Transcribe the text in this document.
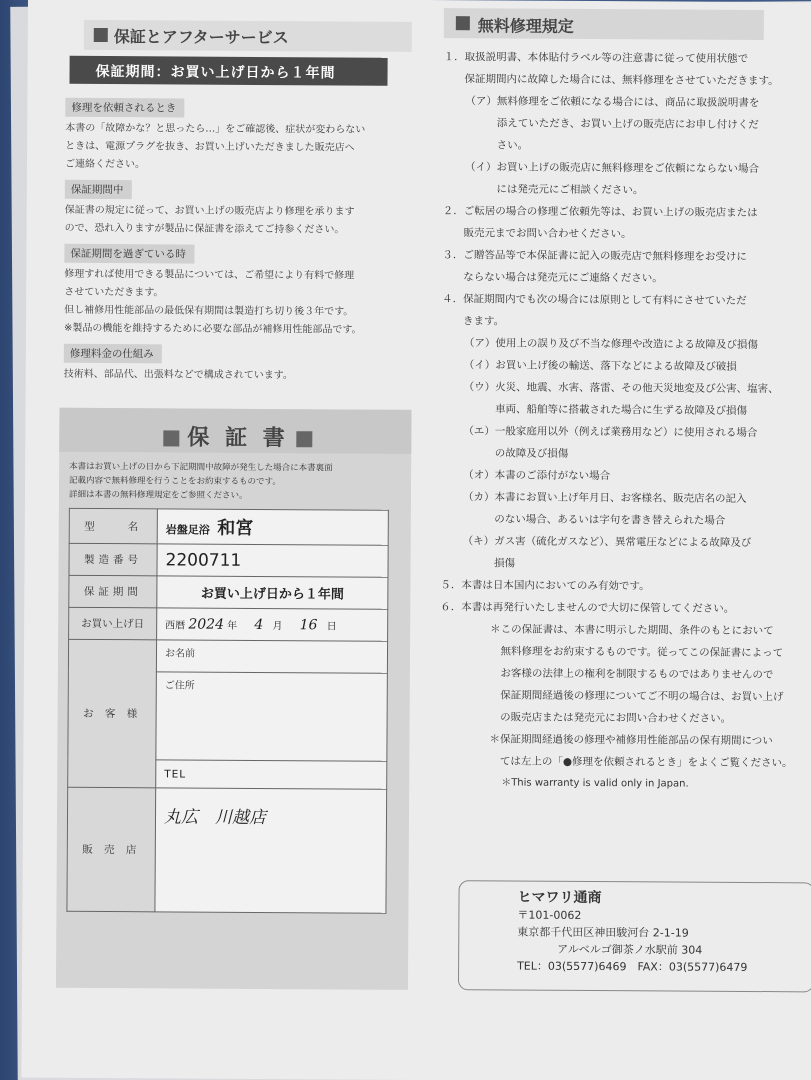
保証とアフターサービス
保証期間：お買い上げ日から１年間
修理を依頼されるとき
本書の「故障かな？と思ったら…」をご確認後、症状が変わらない
ときは、電源プラグを抜き、お買い上げいただきました販売店へ
ご連絡ください。
保証期間中
保証書の規定に従って、お買い上げの販売店より修理を承ります
ので、恐れ入りますが製品に保証書を添えてご持参ください。
保証期間を過ぎている時
修理すれば使用できる製品については、ご希望により有料で修理
させていただきます。
但し補修用性能部品の最低保有期間は製造打ち切り後３年です。
※製品の機能を維持するために必要な部品が補修用性能部品です。
修理料金の仕組み
技術料、部品代、出張料などで構成されています。
保 証 書
本書はお買い上げの日から下記期間中故障が発生した場合に本書裏面
記載内容で無料修理を行うことをお約束するものです。
詳細は本書の無料修理規定をご参照ください。
型　　名	岩盤足浴 和宮
製造番号	2200711
保証期間	お買い上げ日から１年間
お買い上げ日	西暦 2024 年 4 月 16 日
お 客 様	お名前

	ご住所

	TEL
販 売 店	丸広　川越店
無料修理規定
１．取扱説明書、本体貼付ラベル等の注意書に従って使用状態で
　　保証期間内に故障した場合には、無料修理をさせていただきます。
（ア）無料修理をご依頼になる場合には、商品に取扱説明書を
　　　添えていただき、お買い上げの販売店にお申し付けくだ
　　　さい。
（イ）お買い上げの販売店に無料修理をご依頼にならない場合
　　　には発売元にご相談ください。
２．ご転居の場合の修理ご依頼先等は、お買い上げの販売店または
　　販売元までお問い合わせください。
３．ご贈答品等で本保証書に記入の販売店で無料修理をお受けに
　　ならない場合は発売元にご連絡ください。
４．保証期間内でも次の場合には原則として有料にさせていただ
　　きます。
（ア）使用上の誤り及び不当な修理や改造による故障及び損傷
（イ）お買い上げ後の輸送、落下などによる故障及び破損
（ウ）火災、地震、水害、落雷、その他天災地変及び公害、塩害、
　　　車両、船舶等に搭載された場合に生ずる故障及び損傷
（エ）一般家庭用以外（例えば業務用など）に使用される場合
　　　の故障及び損傷
（オ）本書のご添付がない場合
（カ）本書にお買い上げ年月日、お客様名、販売店名の記入
　　　のない場合、あるいは字句を書き替えられた場合
（キ）ガス害（硫化ガスなど）、異常電圧などによる故障及び
　　　損傷
５．本書は日本国内においてのみ有効です。
６．本書は再発行いたしませんので大切に保管してください。
＊この保証書は、本書に明示した期間、条件のもとにおいて
　無料修理をお約束するものです。従ってこの保証書によって
　お客様の法律上の権利を制限するものではありませんので
　保証期間経過後の修理についてご不明の場合は、お買い上げ
　の販売店または発売元にお問い合わせください。
＊保証期間経過後の修理や補修用性能部品の保有期間につい
　ては左上の「●修理を依頼されるとき」をよくご覧ください。
＊This warranty is valid only in Japan.
ヒマワリ通商
〒101-0062
東京都千代田区神田駿河台 2-1-19
アルベルゴ御茶ノ水駅前 304
TEL：03(5577)6469　FAX：03(5577)6479
